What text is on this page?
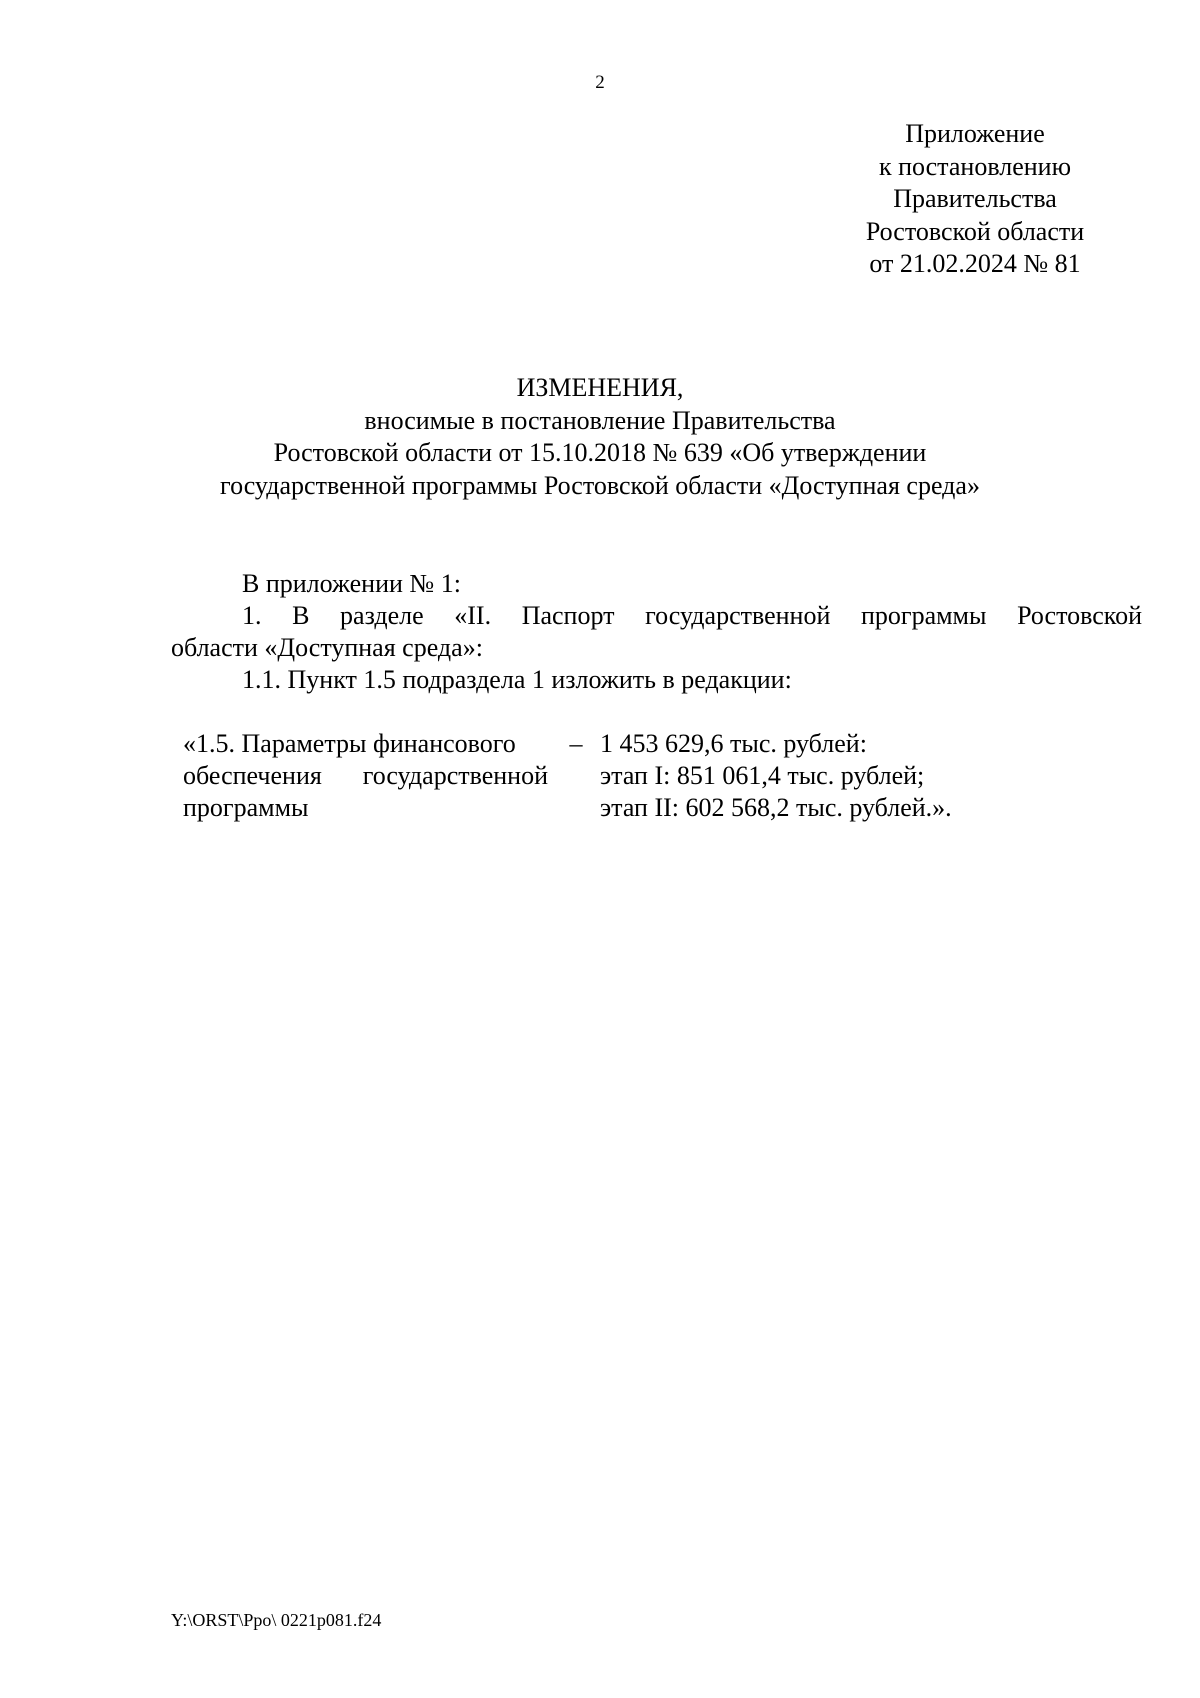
2
Приложение
к постановлению
Правительства
Ростовской области
от 21.02.2024 № 81
ИЗМЕНЕНИЯ,
вносимые в постановление Правительства
Ростовской области от 15.10.2018 № 639 «Об утверждении
государственной программы Ростовской области «Доступная среда»
В приложении № 1:
1. В разделе «II. Паспорт государственной программы Ростовской
области «Доступная среда»:
1.1. Пункт 1.5 подраздела 1 изложить в редакции:
«1.5. Параметры финансового
обеспечения государственной
программы
– 1 453 629,6 тыс. рублей:
этап I: 851 061,4 тыс. рублей;
этап II: 602 568,2 тыс. рублей.».
Y:\ORST\Ppo\ 0221p081.f24
